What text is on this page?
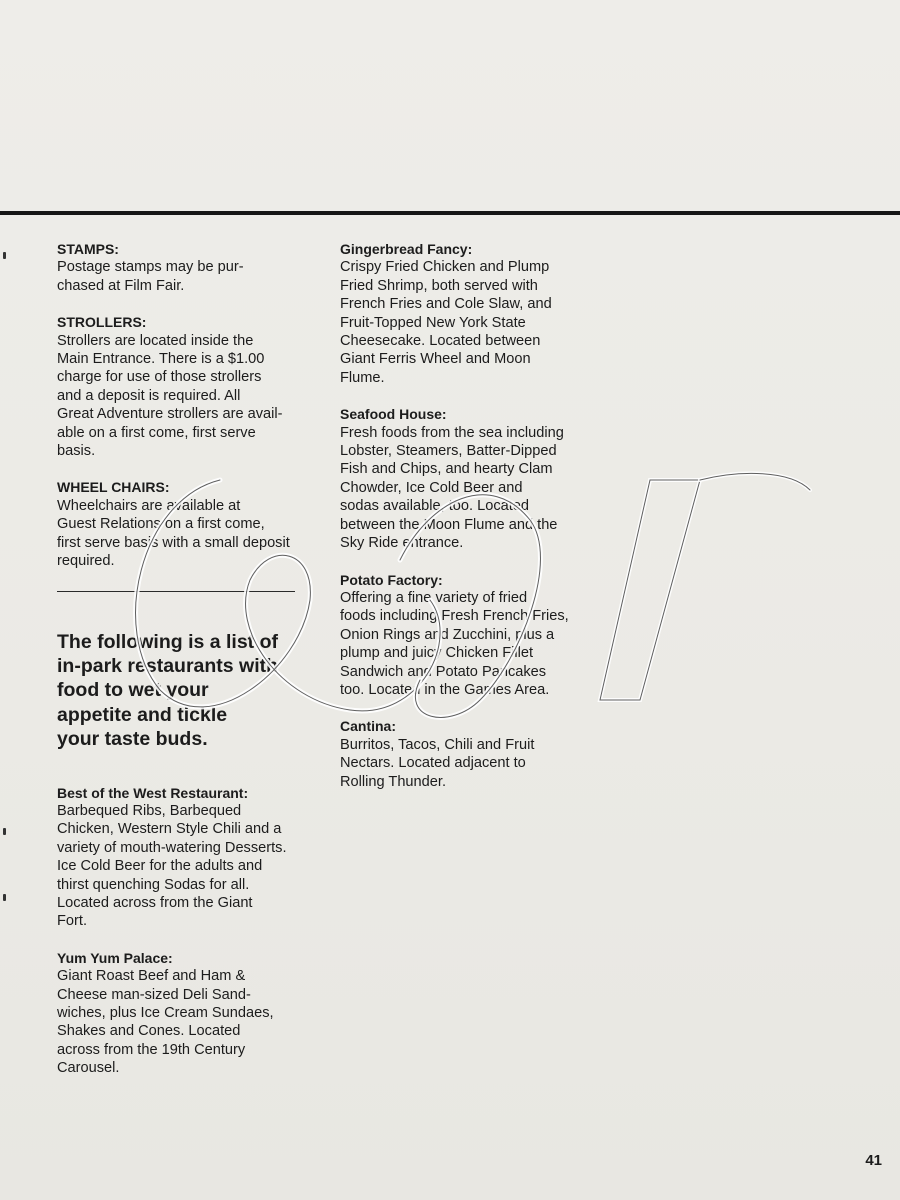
STAMPS:

Postage stamps may be pur-
chased at Film Fair.

STROLLERS:

Strollers are located inside the
Main Entrance. There is a $1.00
charge for use of those strollers
and a deposit is required. All
Great Adventure strollers are avail-
able on a first come, first serve
basis.

WHEEL CHAIRS:

Wheelchairs are available at
Guest Relations on a first come,
first serve basis with a small deposit
required.

The following is a list of
in-park restaurants with
food to wet your
appetite and tickle
your taste buds.

Best of the West Restaurant:

Barbequed Ribs, Barbequed
Chicken, Western Style Chili and a
variety of mouth-watering Desserts.
Ice Cold Beer for the adults and
thirst quenching Sodas for all.
Located across from the Giant
Fort.

Yum Yum Palace:

Giant Roast Beef and Ham &
Cheese man-sized Deli Sand-
wiches, plus Ice Cream Sundaes,
Shakes and Cones. Located
across from the 19th Century
Carousel.

Gingerbread Fancy:

Crispy Fried Chicken and Plump
Fried Shrimp, both served with
French Fries and Cole Slaw, and
Fruit-Topped New York State
Cheesecake. Located between
Giant Ferris Wheel and Moon
Flume.

Seafood House:

Fresh foods from the sea including
Lobster, Steamers, Batter-Dipped
Fish and Chips, and hearty Clam
Chowder, Ice Cold Beer and
sodas available, too. Located
between the Moon Flume and the
Sky Ride entrance.

Potato Factory:

Offering a fine variety of fried
foods including Fresh French Fries,
Onion Rings and Zucchini, plus a
plump and juicy Chicken Fillet
Sandwich and Potato Pancakes
too. Located in the Games Area.

Cantina:

Burritos, Tacos, Chili and Fruit
Nectars. Located adjacent to
Rolling Thunder.

41
